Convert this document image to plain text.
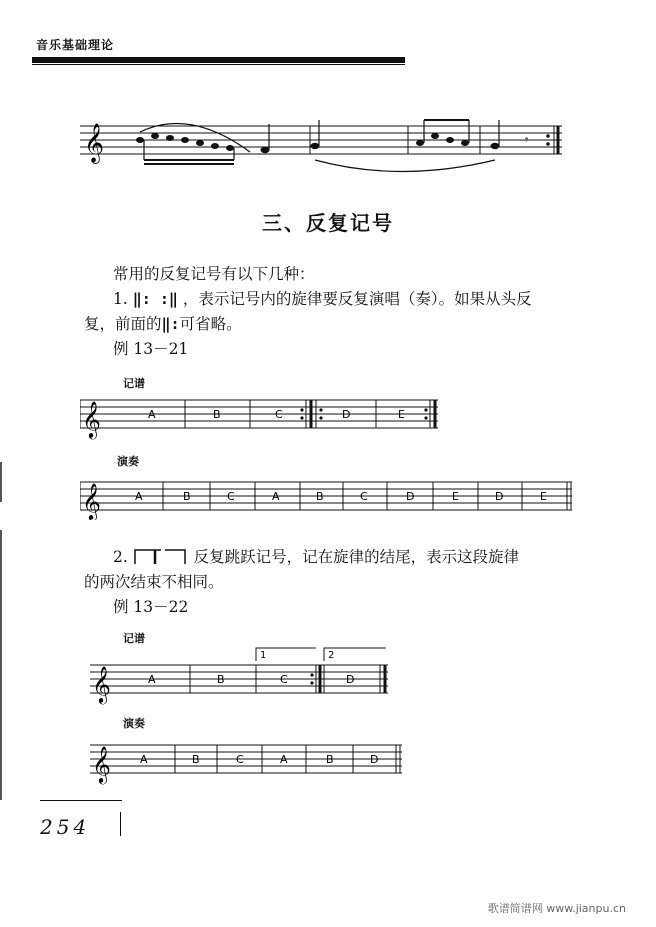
音乐基础理论
𝄞	𝄾
三、反复记号
常用的反复记号有以下几种：
1. ‖: :‖ ，表示记号内的旋律要反复演唱（奏）。如果从头反
复，前面的‖:可省略。
例 13－21
记谱
𝄞	A	B	C	D	E
演奏
𝄞	A	B	C	A	B	C	D	E	D	E
2.	反复跳跃记号，记在旋律的结尾，表示这段旋律
的两次结束不相同。
例 13－22
记谱
𝄞
1	2
A	B	C	D
演奏
𝄞	A	B	C	A	B	D
254
歌谱简谱网 www.jianpu.cn
